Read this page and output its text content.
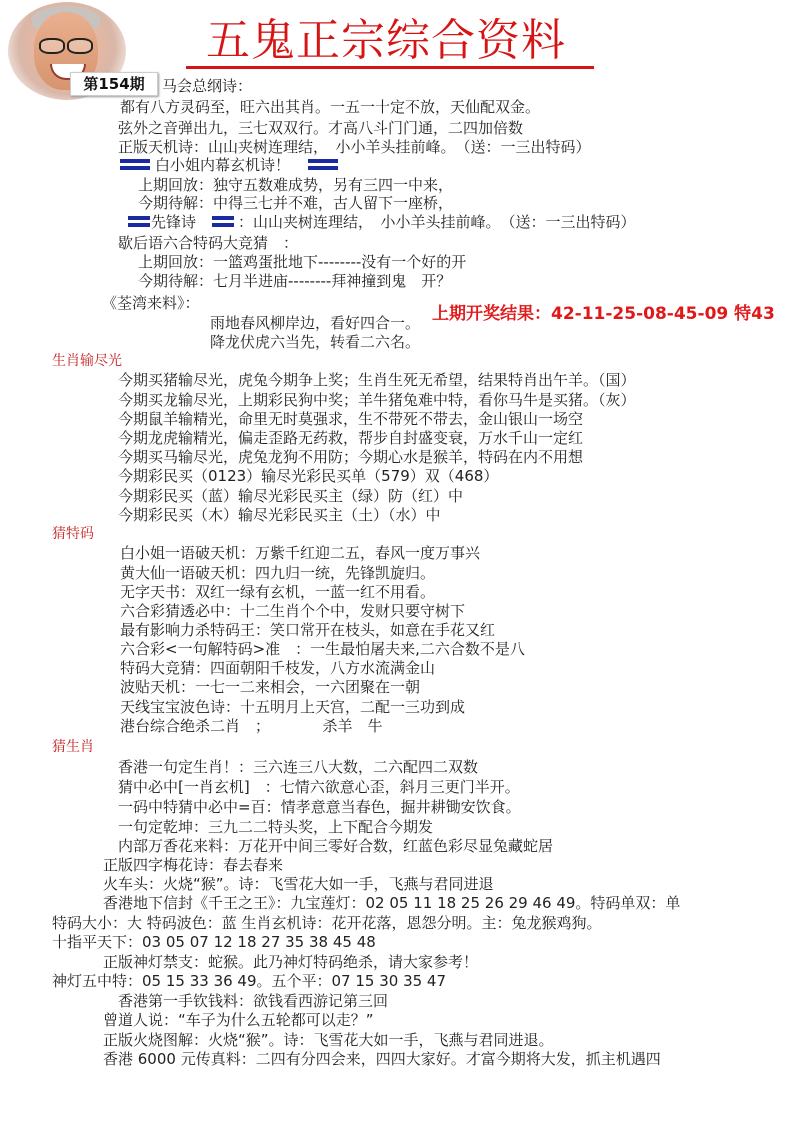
五鬼正宗综合资料
第154期	马会总纲诗：
都有八方灵码至，旺六出其肖。一五一十定不放，天仙配双金。
弦外之音弹出九，三七双双行。才高八斗门门通，二四加倍数
正版天机诗：山山夹树连理结，　小小羊头挂前峰。　（送：一三出特码）
白小姐内幕玄机诗！
上期回放：独守五数难成势，另有三四一中来，
今期待解：中得三七并不难，古人留下一座桥，
先锋诗	：山山夹树连理结，　小小羊头挂前峰。　（送：一三出特码）
歇后语六合特码大竞猜　：
上期回放：一篮鸡蛋批地下--------没有一个好的开
今期待解：七月半进庙--------拜神撞到鬼　开？
《荃湾来料》：
雨地春风柳岸边，看好四合一。
降龙伏虎六当先，转看二六名。
上期开奖结果：42-11-25-08-45-09 特43
生肖输尽光
今期买猪输尽光，虎兔今期争上奖；生肖生死无希望，结果特肖出午羊。（国）
今期买龙输尽光，上期彩民狗中奖；羊牛猪兔难中特，看你马牛是买猪。（灰）
今期鼠羊输精光，命里无时莫强求，生不带死不带去，金山银山一场空
今期龙虎输精光，偏走歪路无药救，帮步自封盛变衰，万水千山一定红
今期买马输尽光，虎兔龙狗不用防；今期心水是猴羊，特码在内不用想
今期彩民买（0123）输尽光彩民买单（579）双（468）
今期彩民买（蓝）输尽光彩民买主（绿）防（红）中
今期彩民买（木）输尽光彩民买主（土）（水）中
猜特码
白小姐一语破天机：万紫千红迎二五，春风一度万事兴
黄大仙一语破天机：四九归一统，先锋凯旋归。
无字天书：双红一绿有玄机，一蓝一红不用看。
六合彩猜透必中：十二生肖个个中，发财只要守树下
最有影响力杀特码王：笑口常开在枝头，如意在手花又红
六合彩<一句解特码>准　：一生最怕屠夫来,二六合数不是八
特码大竞猜：四面朝阳千枝发，八方水流满金山
波贴天机：一七一二来相会，一六团聚在一朝
天线宝宝波色诗：十五明月上天宫，二配一三功到成
港台综合绝杀二肖　；　　　　杀羊　牛
猜生肖
香港一句定生肖！：三六连三八大数，二六配四二双数
猜中必中[一肖玄机]　：七情六欲意心歪，斜月三更门半开。
一码中特猜中必中=百：情孝意意当春色，掘井耕锄安饮食。
一句定乾坤：三九二二特头奖，上下配合今期发
内部万香花来料：万花开中间三零好合数，红蓝色彩尽显兔藏蛇居
正版四字梅花诗：春去春来
火车头：火烧“猴”。诗：飞雪花大如一手，飞燕与君同进退
香港地下信封《千王之王》：九宝莲灯：02 05 11 18 25 26 29 46 49。特码单双：单
特码大小：大 特码波色：蓝 生肖玄机诗：花开花落，恩怨分明。主：兔龙猴鸡狗。
十指平天下：03 05 07 12 18 27 35 38 45 48
正版神灯禁支：蛇猴。此乃神灯特码绝杀，请大家参考！
神灯五中特：05 15 33 36 49。五个平：07 15 30 35 47
香港第一手钦钱料：欲钱看西游记第三回
曾道人说：“车子为什么五轮都可以走？”
正版火烧图解：火烧“猴”。诗：飞雪花大如一手，飞燕与君同进退。
香港 6000 元传真料：二四有分四会来，四四大家好。才富今期将大发，抓主机遇四
